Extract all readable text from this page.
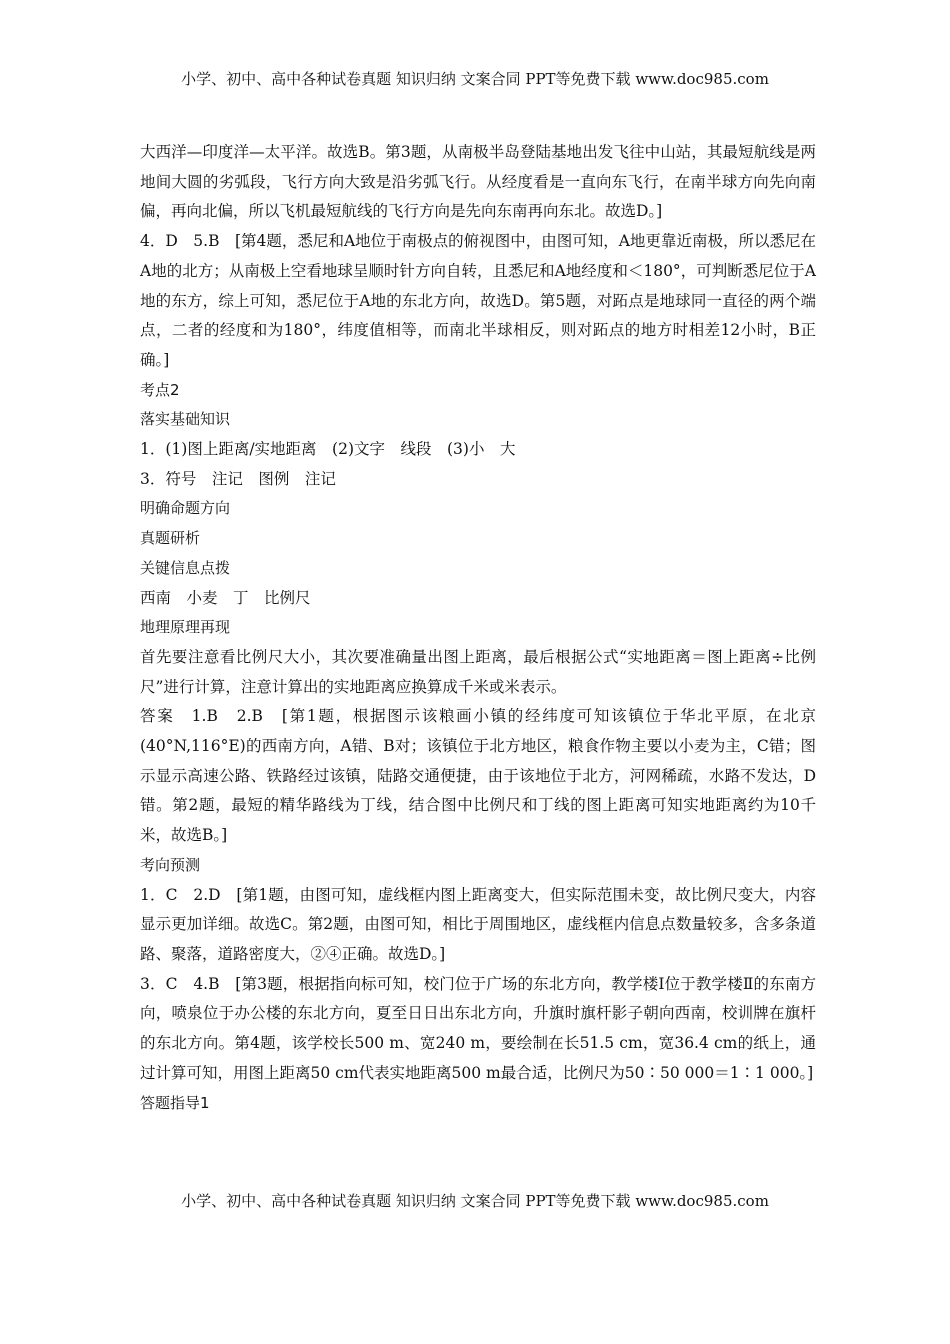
小学、初中、高中各种试卷真题 知识归纳 文案合同 PPT等免费下载 www.doc985.com

大西洋—印度洋—太平洋。故选B。第3题，从南极半岛登陆基地出发飞往中山站，其最短航线是两地间大圆的劣弧段，飞行方向大致是沿劣弧飞行。从经度看是一直向东飞行，在南半球方向先向南偏，再向北偏，所以飞机最短航线的飞行方向是先向东南再向东北。故选D。]

4．D　5.B　[第4题，悉尼和A地位于南极点的俯视图中，由图可知，A地更靠近南极，所以悉尼在A地的北方；从南极上空看地球呈顺时针方向自转，且悉尼和A地经度和＜180°，可判断悉尼位于A地的东方，综上可知，悉尼位于A地的东北方向，故选D。第5题，对跖点是地球同一直径的两个端点，二者的经度和为180°，纬度值相等，而南北半球相反，则对跖点的地方时相差12小时，B正确。]

考点2

落实基础知识

1．(1)图上距离/实地距离　(2)文字　线段　(3)小　大

3．符号　注记　图例　注记

明确命题方向

真题研析

关键信息点拨

西南　小麦　丁　比例尺

地理原理再现

首先要注意看比例尺大小，其次要准确量出图上距离，最后根据公式“实地距离＝图上距离÷比例尺”进行计算，注意计算出的实地距离应换算成千米或米表示。

答案　1.B　2.B　[第1题，根据图示该粮画小镇的经纬度可知该镇位于华北平原，在北京(40°N,116°E)的西南方向，A错、B对；该镇位于北方地区，粮食作物主要以小麦为主，C错；图示显示高速公路、铁路经过该镇，陆路交通便捷，由于该地位于北方，河网稀疏，水路不发达，D错。第2题，最短的精华路线为丁线，结合图中比例尺和丁线的图上距离可知实地距离约为10千米，故选B。]

考向预测

1．C　2.D　[第1题，由图可知，虚线框内图上距离变大，但实际范围未变，故比例尺变大，内容显示更加详细。故选C。第2题，由图可知，相比于周围地区，虚线框内信息点数量较多，含多条道路、聚落，道路密度大，②④正确。故选D。]

3．C　4.B　[第3题，根据指向标可知，校门位于广场的东北方向，教学楼Ⅰ位于教学楼Ⅱ的东南方向，喷泉位于办公楼的东北方向，夏至日日出东北方向，升旗时旗杆影子朝向西南，校训牌在旗杆的东北方向。第4题，该学校长500 m、宽240 m，要绘制在长51.5 cm，宽36.4 cm的纸上，通过计算可知，用图上距离50 cm代表实地距离500 m最合适，比例尺为50∶50 000＝1∶1 000。]

答题指导1

小学、初中、高中各种试卷真题 知识归纳 文案合同 PPT等免费下载 www.doc985.com
